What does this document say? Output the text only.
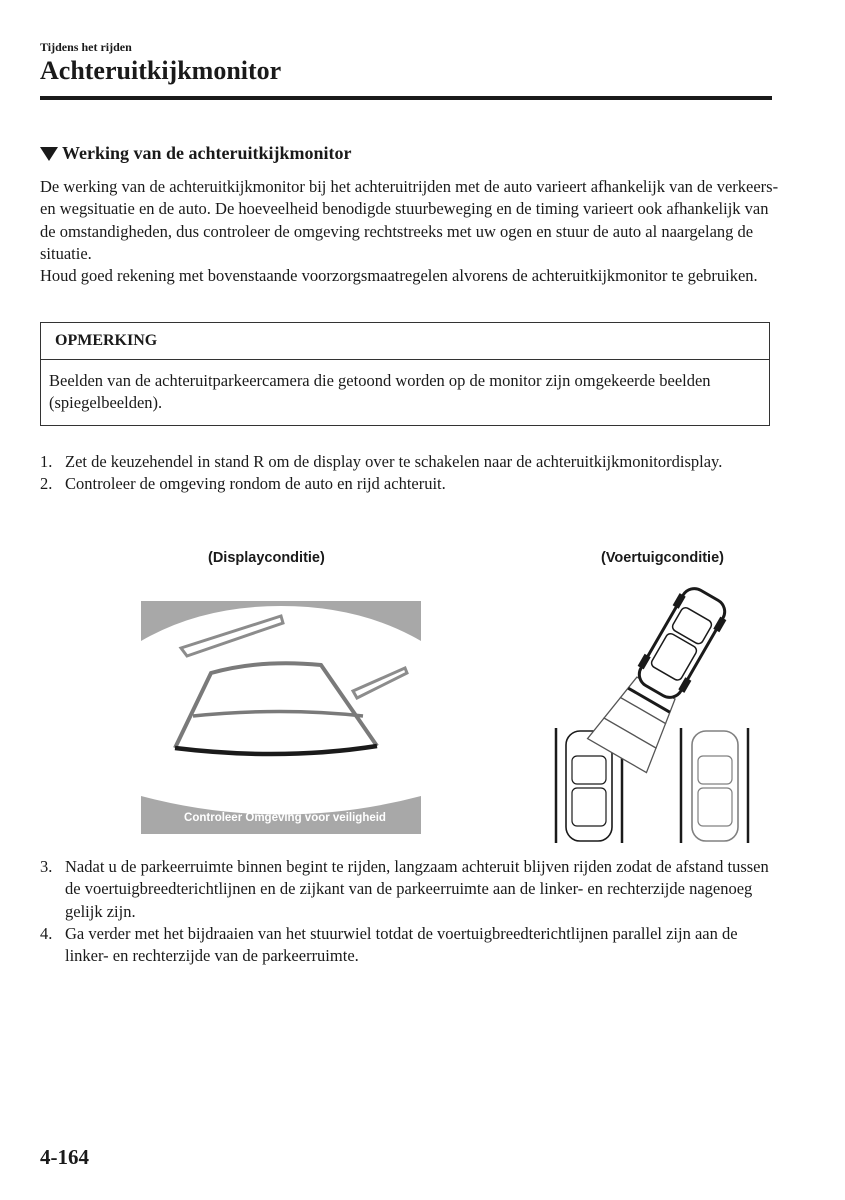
Tijdens het rijden
Achteruitkijkmonitor
Werking van de achteruitkijkmonitor

De werking van de achteruitkijkmonitor bij het achteruitrijden met de auto varieert afhankelijk van de verkeers- en wegsituatie en de auto. De hoeveelheid benodigde stuurbeweging en de timing varieert ook afhankelijk van de omstandigheden, dus controleer de omgeving rechtstreeks met uw ogen en stuur de auto al naargelang de situatie.

Houd goed rekening met bovenstaande voorzorgsmaatregelen alvorens de achteruitkijkmonitor te gebruiken.

OPMERKING
Beelden van de achteruitparkeercamera die getoond worden op de monitor zijn omgekeerde beelden (spiegelbeelden).
1. Zet de keuzehendel in stand R om de display over te schakelen naar de achteruitkijkmonitordisplay.
2. Controleer de omgeving rondom de auto en rijd achteruit.
(Displayconditie)	(Voertuigconditie)
Controleer Omgeving voor veiligheid
3. Nadat u de parkeerruimte binnen begint te rijden, langzaam achteruit blijven rijden zodat de afstand tussen de voertuigbreedterichtlijnen en de zijkant van de parkeerruimte aan de linker- en rechterzijde nagenoeg gelijk zijn.
4. Ga verder met het bijdraaien van het stuurwiel totdat de voertuigbreedterichtlijnen parallel zijn aan de linker- en rechterzijde van de parkeerruimte.
4-164
